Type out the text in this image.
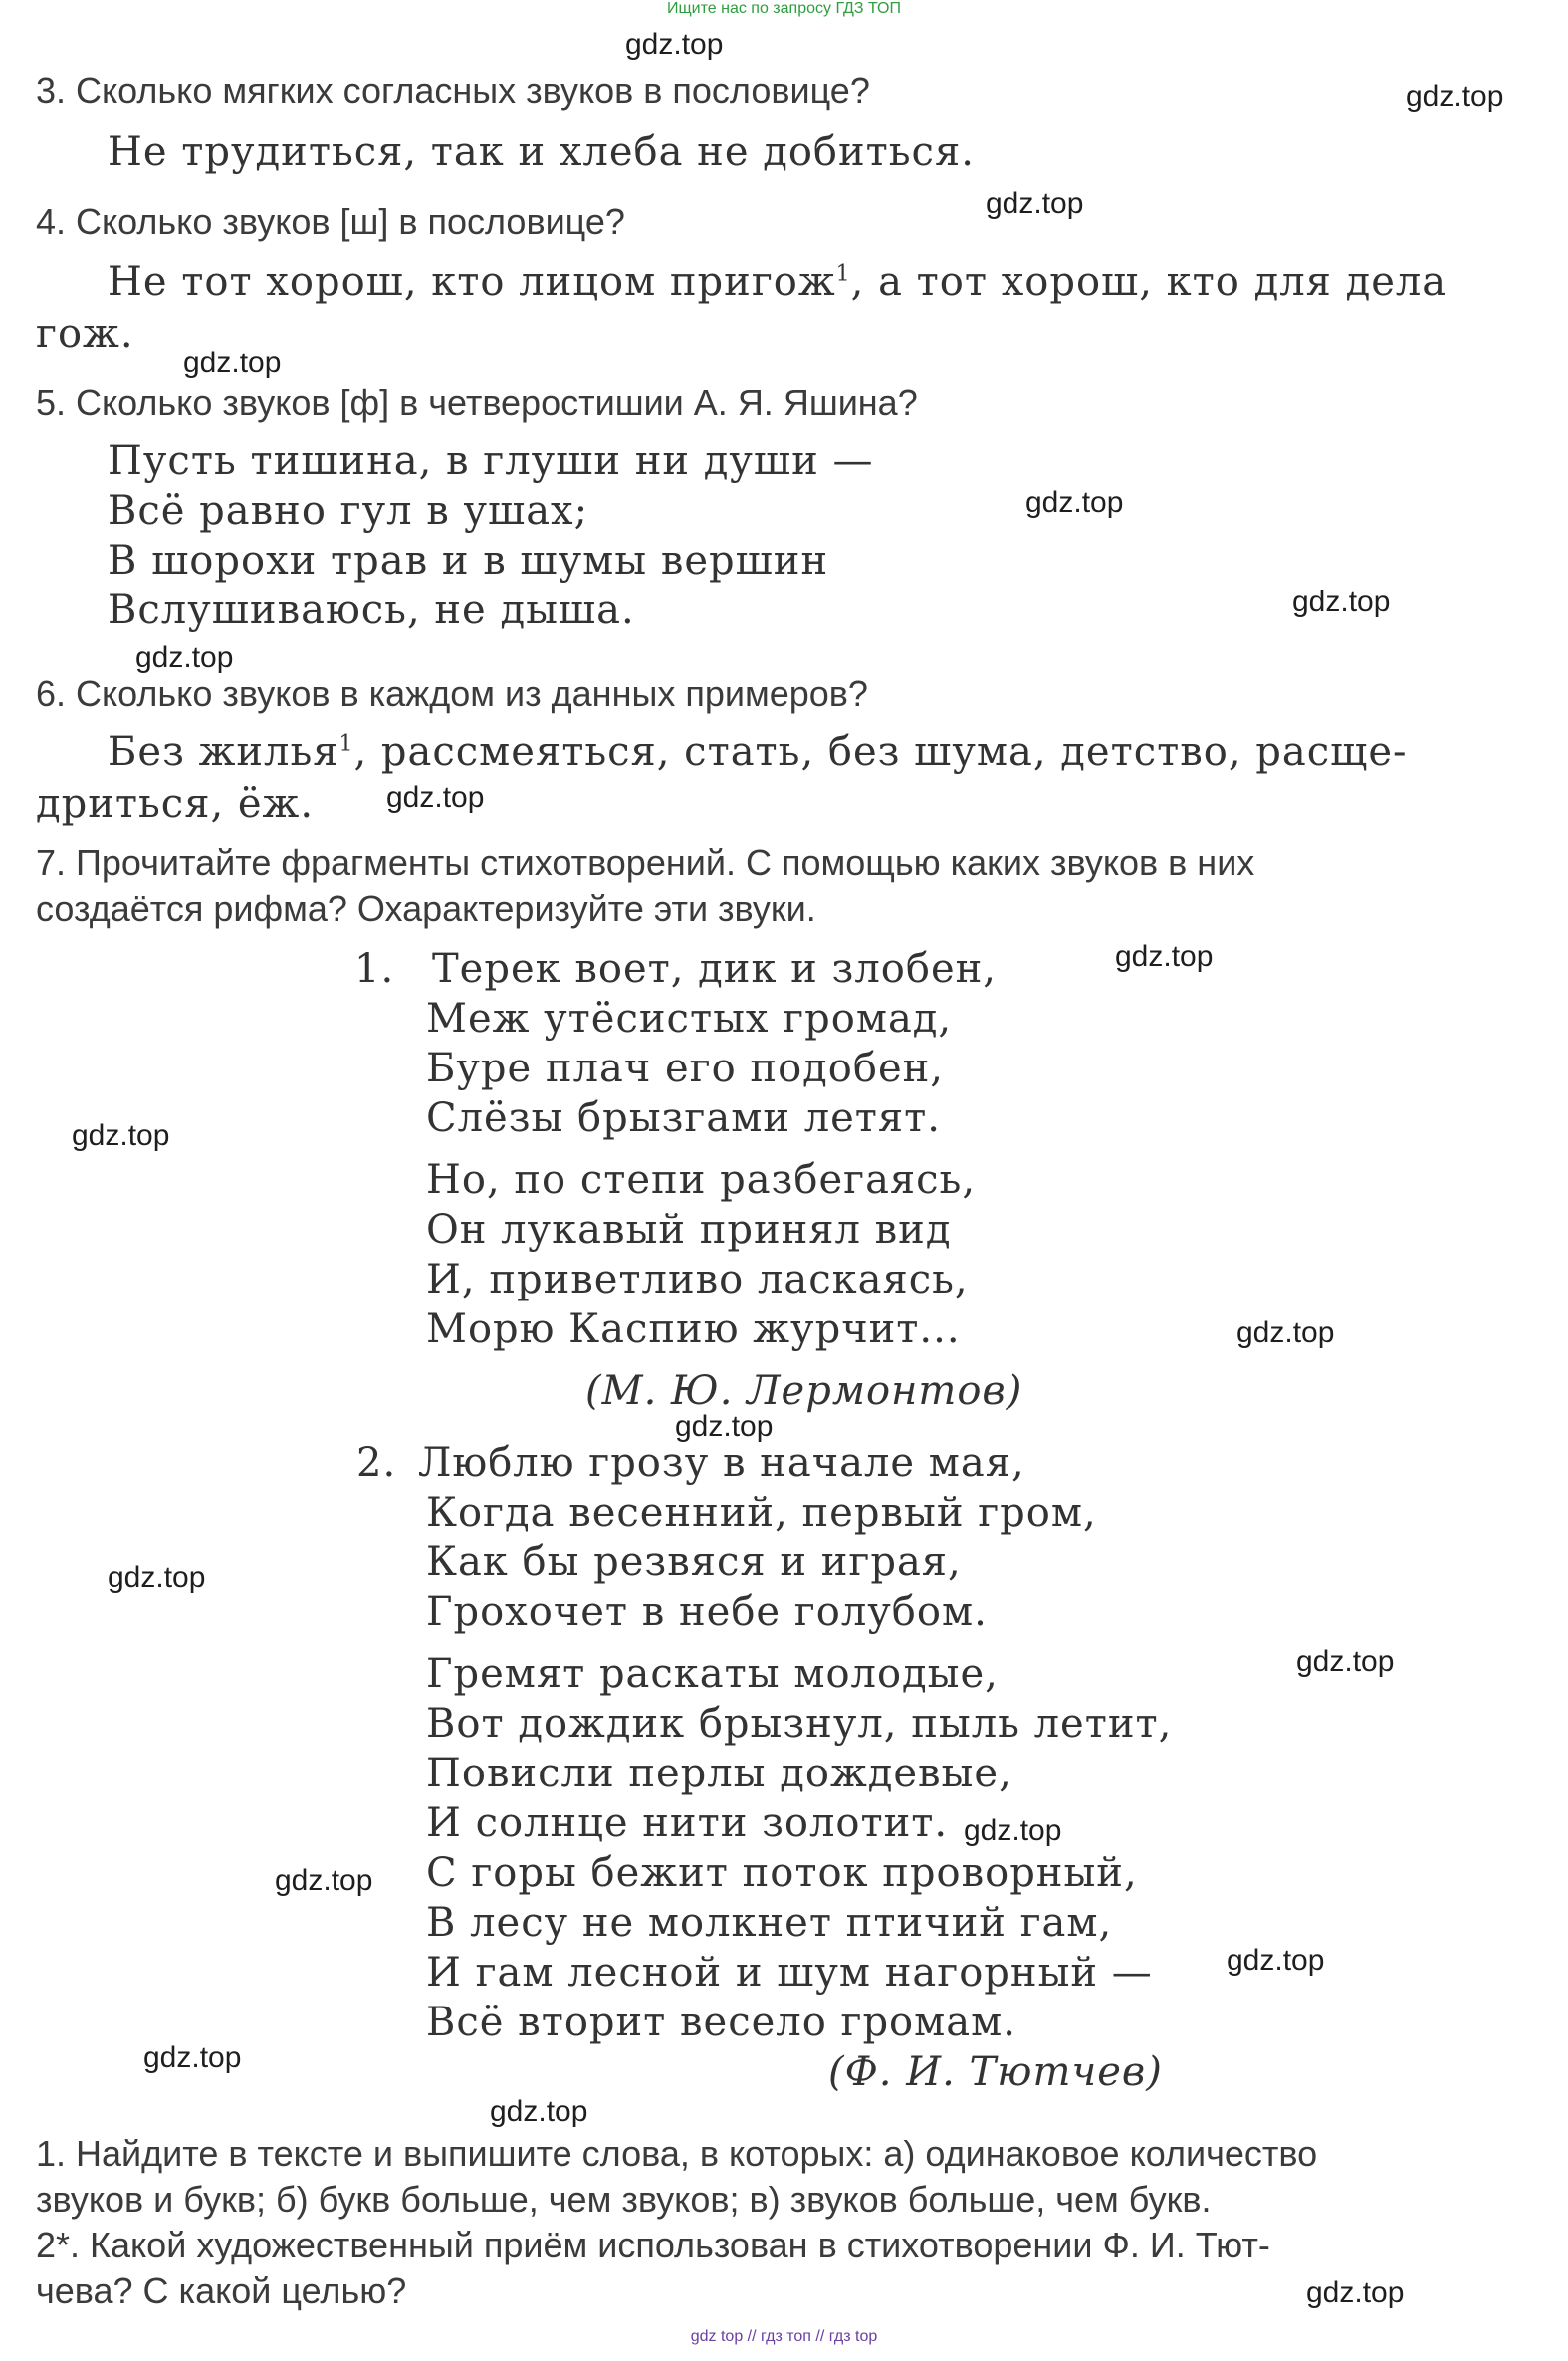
Ищите нас по запросу ГДЗ ТОП
3. Сколько мягких согласных звуков в пословице?
Не трудиться, так и хлеба не добиться.
4. Сколько звуков [ш] в пословице?
Не тот хорош, кто лицом пригож$^1$, а тот хорош, кто для дела
гож.
5. Сколько звуков [ф] в четверостишии А. Я. Яшина?
Пусть тишина, в глуши ни души —
Всё равно гул в ушах;
В шорохи трав и в шумы вершин
Вслушиваюсь, не дыша.
6. Сколько звуков в каждом из данных примеров?
Без жилья$^1$, рассмеяться, стать, без шума, детство, расще-
дриться, ёж.
7. Прочитайте фрагменты стихотворений. С помощью каких звуков в них
создаётся рифма? Охарактеризуйте эти звуки.
1. Терек воет, дик и злобен,
Меж утёсистых громад,
Буре плач его подобен,
Слёзы брызгами летят.
Но, по степи разбегаясь,
Он лукавый принял вид
И, приветливо ласкаясь,
Морю Каспию журчит...
(М. Ю. Лермонтов)
2. Люблю грозу в начале мая,
Когда весенний, первый гром,
Как бы резвяся и играя,
Грохочет в небе голубом.
Гремят раскаты молодые,
Вот дождик брызнул, пыль летит,
Повисли перлы дождевые,
И солнце нити золотит.
С горы бежит поток проворный,
В лесу не молкнет птичий гам,
И гам лесной и шум нагорный —
Всё вторит весело громам.
(Ф. И. Тютчев)
1. Найдите в тексте и выпишите слова, в которых: а) одинаковое количество
звуков и букв; б) букв больше, чем звуков; в) звуков больше, чем букв.
2*. Какой художественный приём использован в стихотворении Ф. И. Тют-
чева? С какой целью?
gdz.top
gdz.top
gdz.top
gdz.top
gdz.top
gdz.top
gdz.top
gdz.top
gdz.top
gdz.top
gdz.top
gdz.top
gdz.top
gdz.top
gdz.top
gdz.top
gdz.top
gdz.top
gdz.top
gdz.top
gdz top // гдз топ // гдз top
